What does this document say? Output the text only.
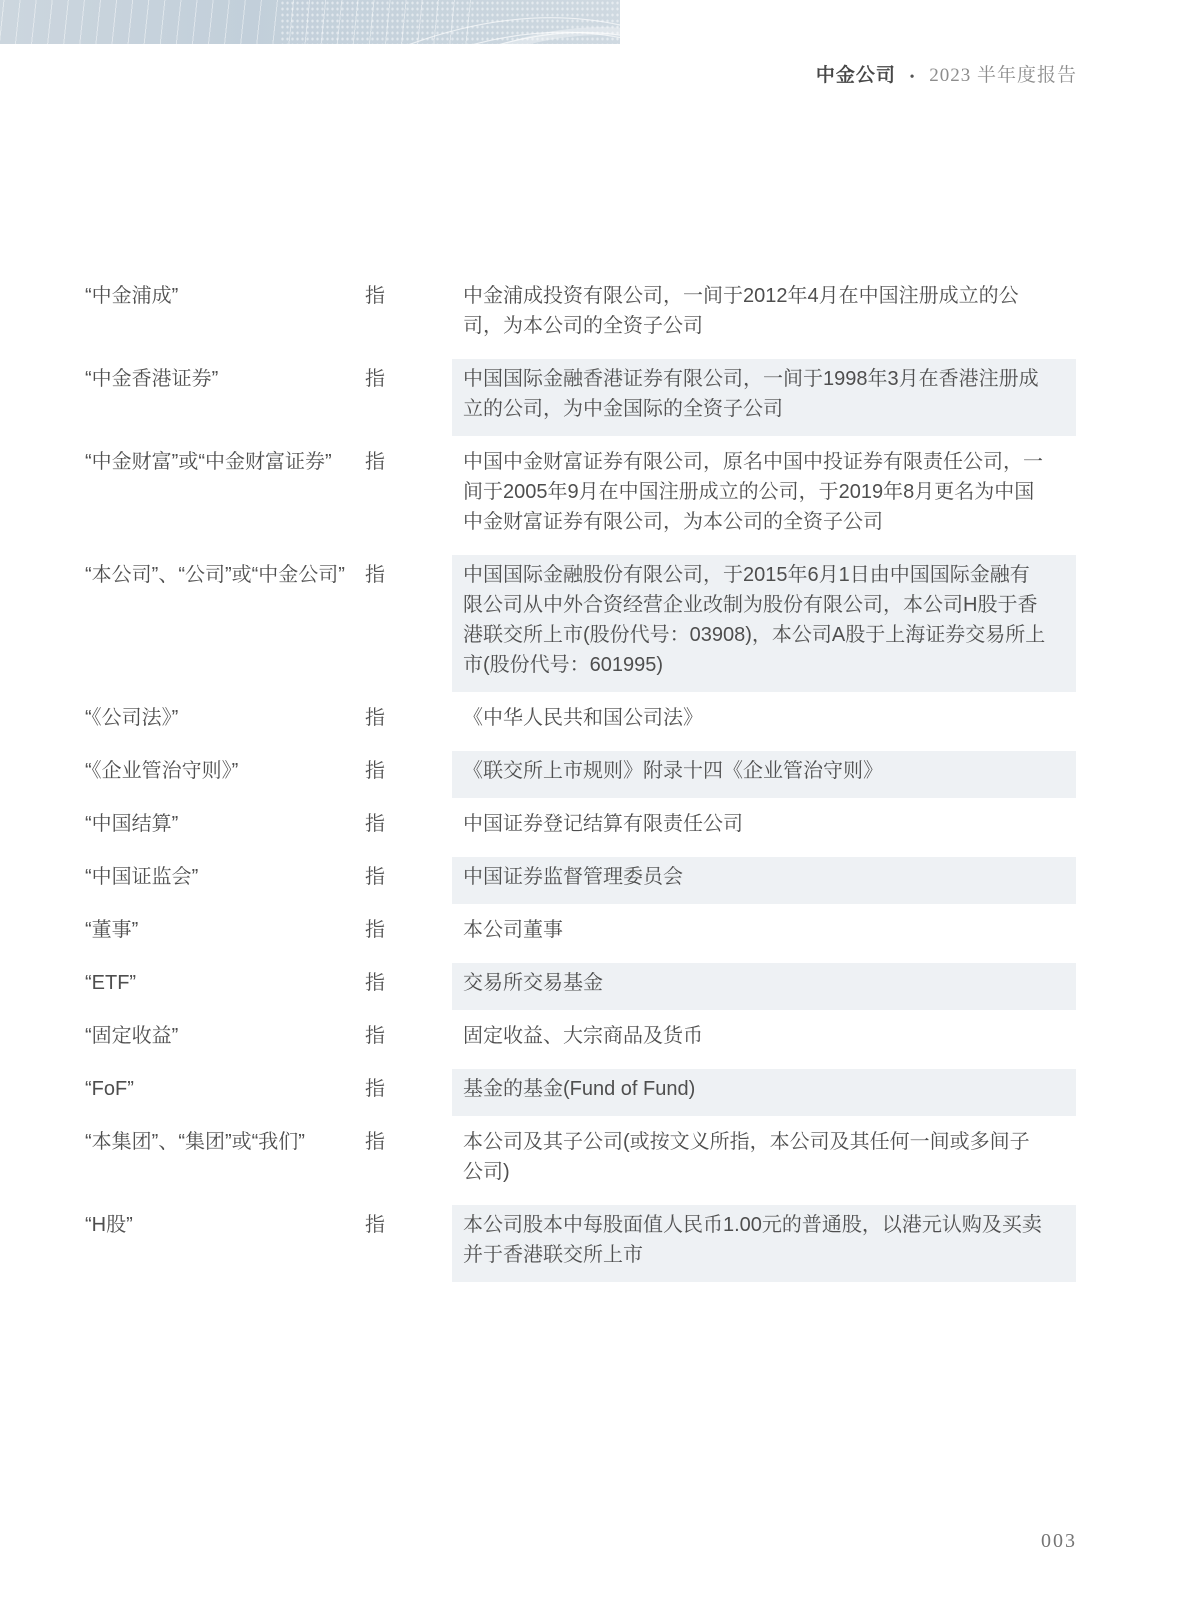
中金公司 • 2023 半年度报告
“中金浦成”	指	中金浦成投资有限公司，一间于2012年4月在中国注册成立的公司，为本公司的全资子公司
“中金香港证券”	指	中国国际金融香港证券有限公司，一间于1998年3月在香港注册成立的公司，为中金国际的全资子公司
“中金财富”或“中金财富证券”	指	中国中金财富证券有限公司，原名中国中投证券有限责任公司，一间于2005年9月在中国注册成立的公司，于2019年8月更名为中国中金财富证券有限公司，为本公司的全资子公司
“本公司”、“公司”或“中金公司”	指	中国国际金融股份有限公司，于2015年6月1日由中国国际金融有限公司从中外合资经营企业改制为股份有限公司，本公司H股于香港联交所上市(股份代号：03908)，本公司A股于上海证券交易所上市(股份代号：601995)
“《公司法》”	指	《中华人民共和国公司法》
“《企业管治守则》”	指	《联交所上市规则》附录十四《企业管治守则》
“中国结算”	指	中国证券登记结算有限责任公司
“中国证监会”	指	中国证券监督管理委员会
“董事”	指	本公司董事
“ETF”	指	交易所交易基金
“固定收益”	指	固定收益、大宗商品及货币
“FoF”	指	基金的基金(Fund of Fund)
“本集团”、“集团”或“我们”	指	本公司及其子公司(或按文义所指，本公司及其任何一间或多间子公司)
“H股”	指	本公司股本中每股面值人民币1.00元的普通股，以港元认购及买卖并于香港联交所上市
003
